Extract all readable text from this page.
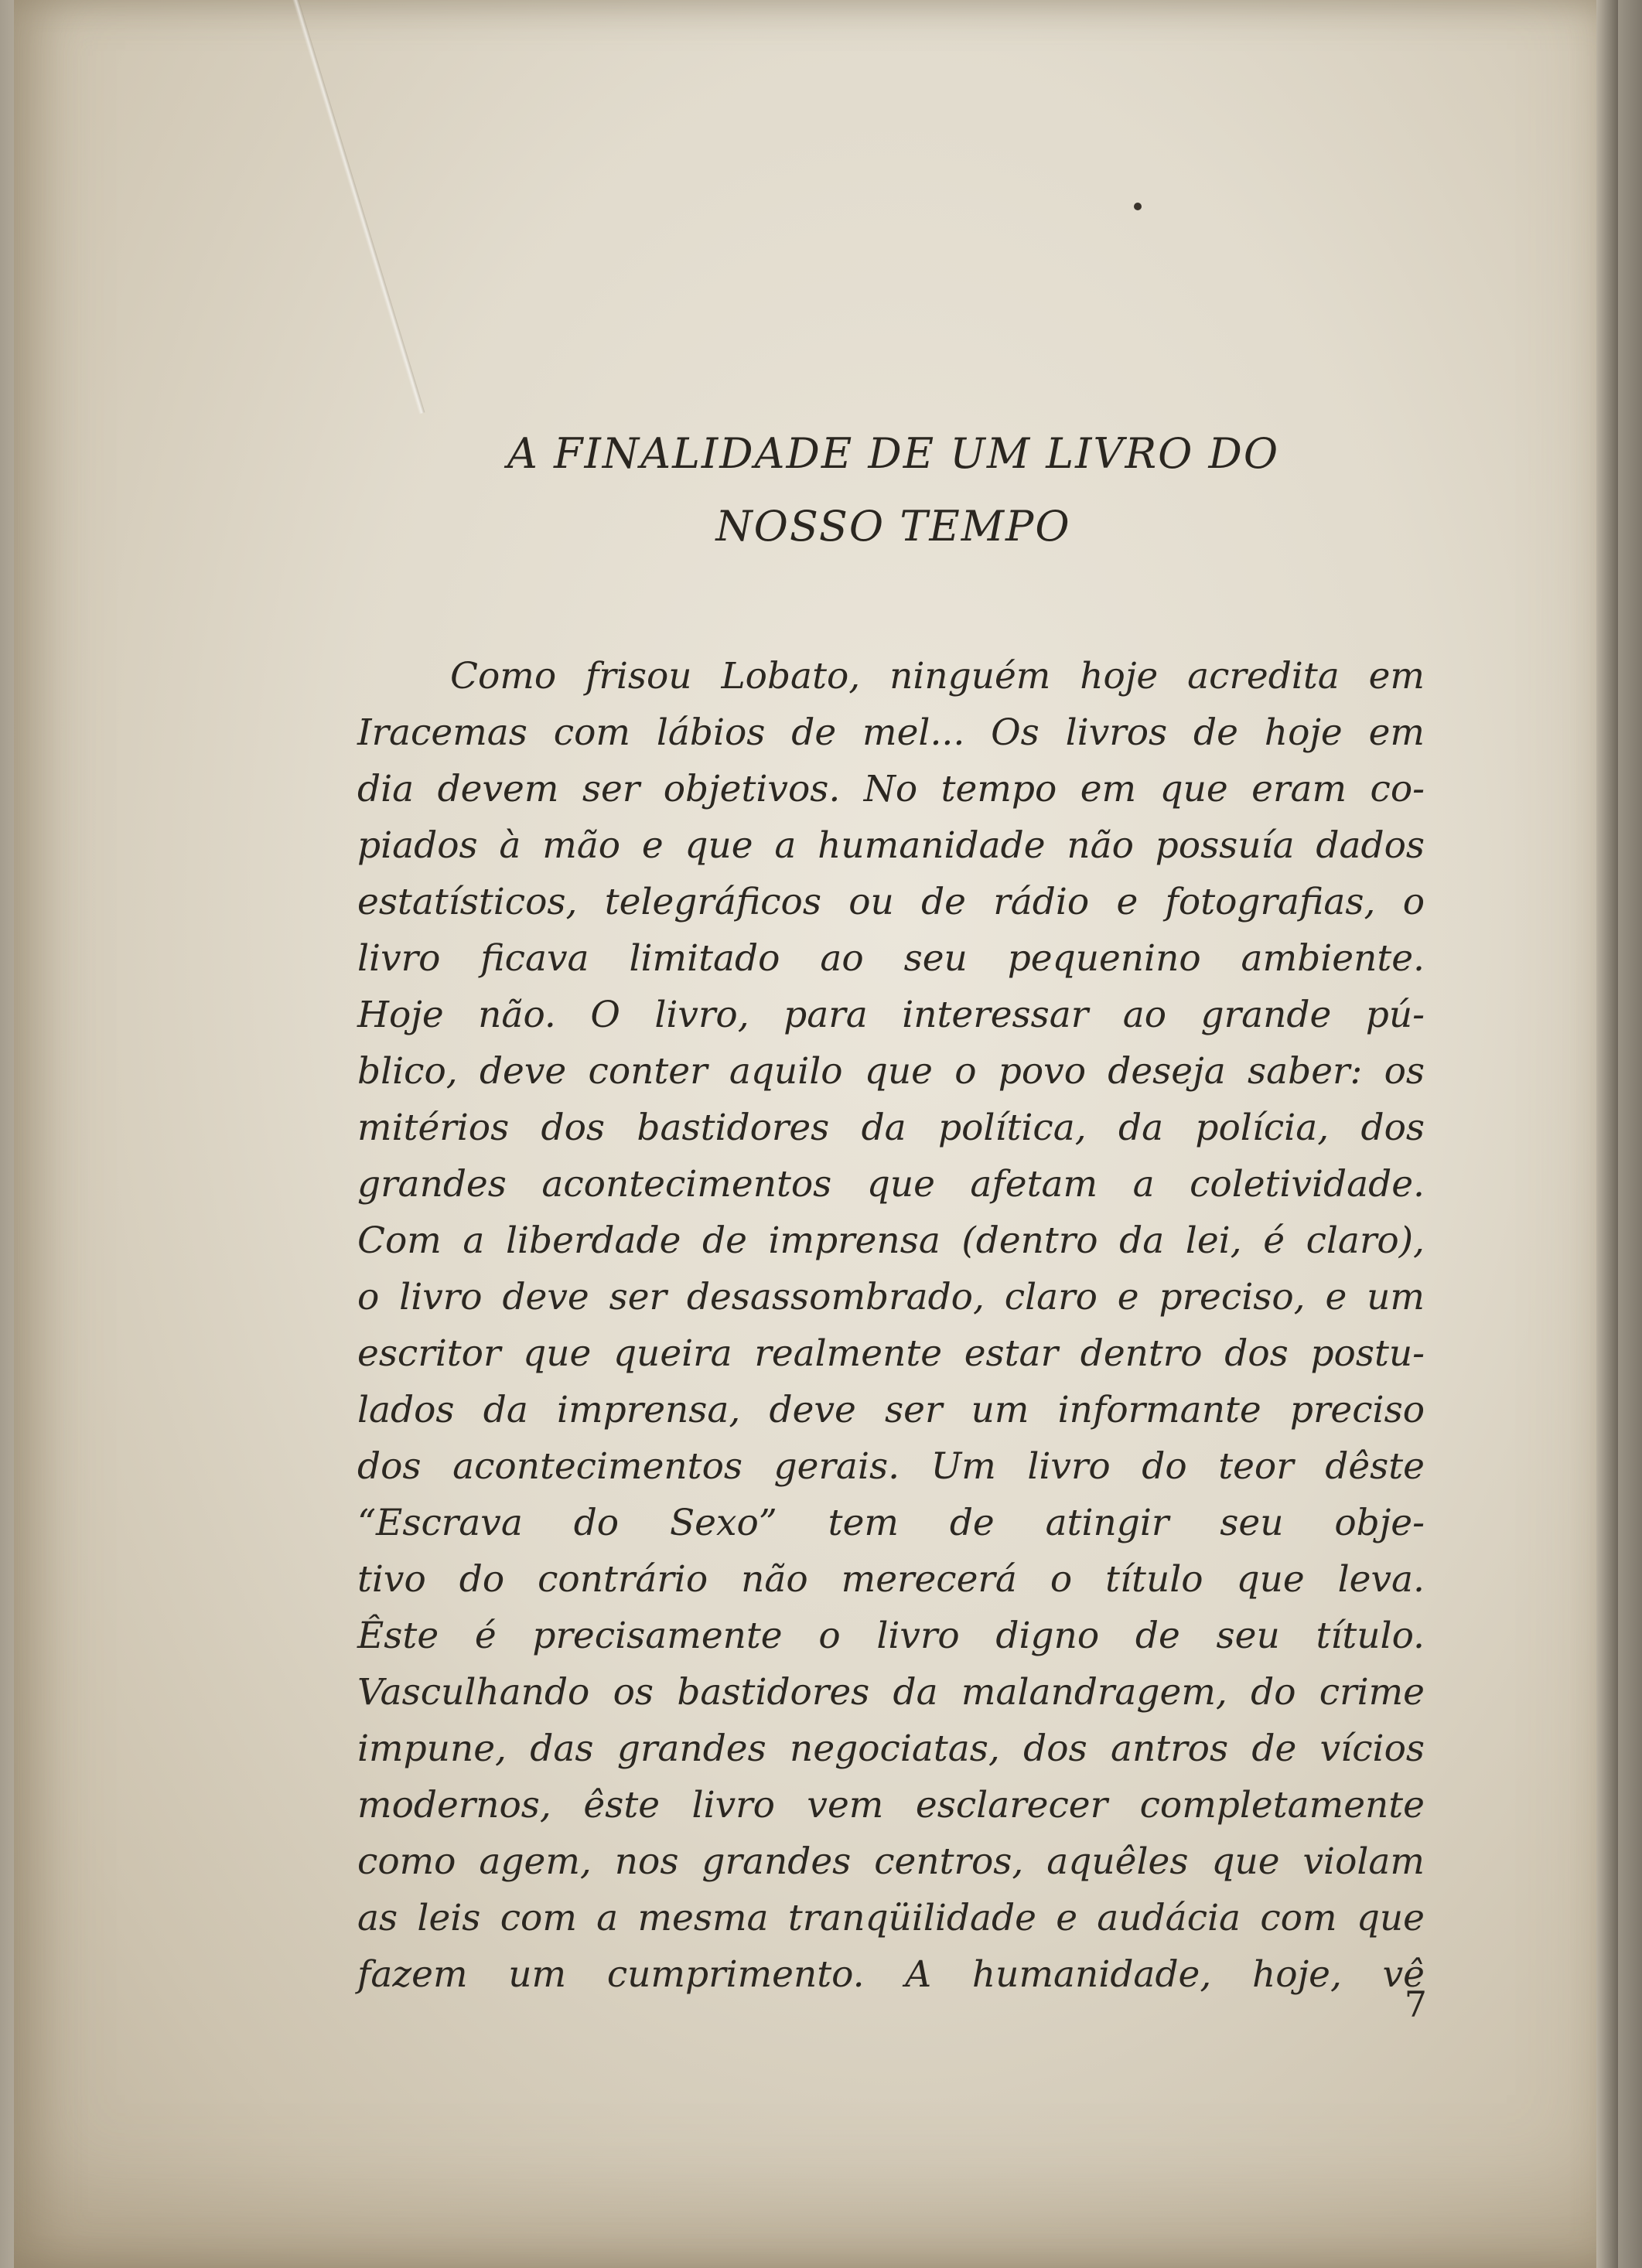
A FINALIDADE DE UM LIVRO DO
NOSSO TEMPO
Como frisou Lobato, ninguém hoje acredita em
Iracemas com lábios de mel... Os livros de hoje em
dia devem ser objetivos. No tempo em que eram co-
piados à mão e que a humanidade não possuía dados
estatísticos, telegráficos ou de rádio e fotografias, o
livro ficava limitado ao seu pequenino ambiente.
Hoje não. O livro, para interessar ao grande pú-
blico, deve conter aquilo que o povo deseja saber: os
mitérios dos bastidores da política, da polícia, dos
grandes acontecimentos que afetam a coletividade.
Com a liberdade de imprensa (dentro da lei, é claro),
o livro deve ser desassombrado, claro e preciso, e um
escritor que queira realmente estar dentro dos postu-
lados da imprensa, deve ser um informante preciso
dos acontecimentos gerais. Um livro do teor dêste
“Escrava do Sexo” tem de atingir seu obje-
tivo do contrário não merecerá o título que leva.
Êste é precisamente o livro digno de seu título.
Vasculhando os bastidores da malandragem, do crime
impune, das grandes negociatas, dos antros de vícios
modernos, êste livro vem esclarecer completamente
como agem, nos grandes centros, aquêles que violam
as leis com a mesma tranqüilidade e audácia com que
fazem um cumprimento. A humanidade, hoje, vê
7
